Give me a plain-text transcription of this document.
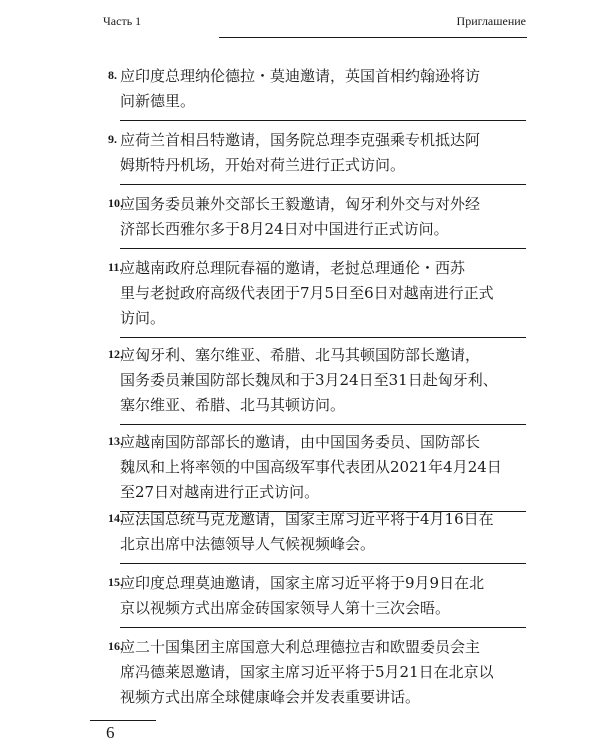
Часть 1	Приглашение
8. 应印度总理纳伦德拉・莫迪邀请，英国首相约翰逊将访
问新德里。
9. 应荷兰首相吕特邀请，国务院总理李克强乘专机抵达阿
姆斯特丹机场，开始对荷兰进行正式访问。
10.
应国务委员兼外交部长王毅邀请，匈牙利外交与对外经
济部长西雅尔多于8月24日对中国进行正式访问。
11.
应越南政府总理阮春福的邀请，老挝总理通伦・西苏
里与老挝政府高级代表团于7月5日至6日对越南进行正式
访问。
12.
应匈牙利、塞尔维亚、希腊、北马其顿国防部长邀请，
国务委员兼国防部长魏凤和于3月24日至31日赴匈牙利、
塞尔维亚、希腊、北马其顿访问。
13.
应越南国防部部长的邀请，由中国国务委员、国防部长
魏凤和上将率领的中国高级军事代表团从2021年4月24日
至27日对越南进行正式访问。
14.
应法国总统马克龙邀请，国家主席习近平将于4月16日在
北京出席中法德领导人气候视频峰会。
15.
应印度总理莫迪邀请，国家主席习近平将于9月9日在北
京以视频方式出席金砖国家领导人第十三次会晤。
16.
应二十国集团主席国意大利总理德拉吉和欧盟委员会主
席冯德莱恩邀请，国家主席习近平将于5月21日在北京以
视频方式出席全球健康峰会并发表重要讲话。
6
